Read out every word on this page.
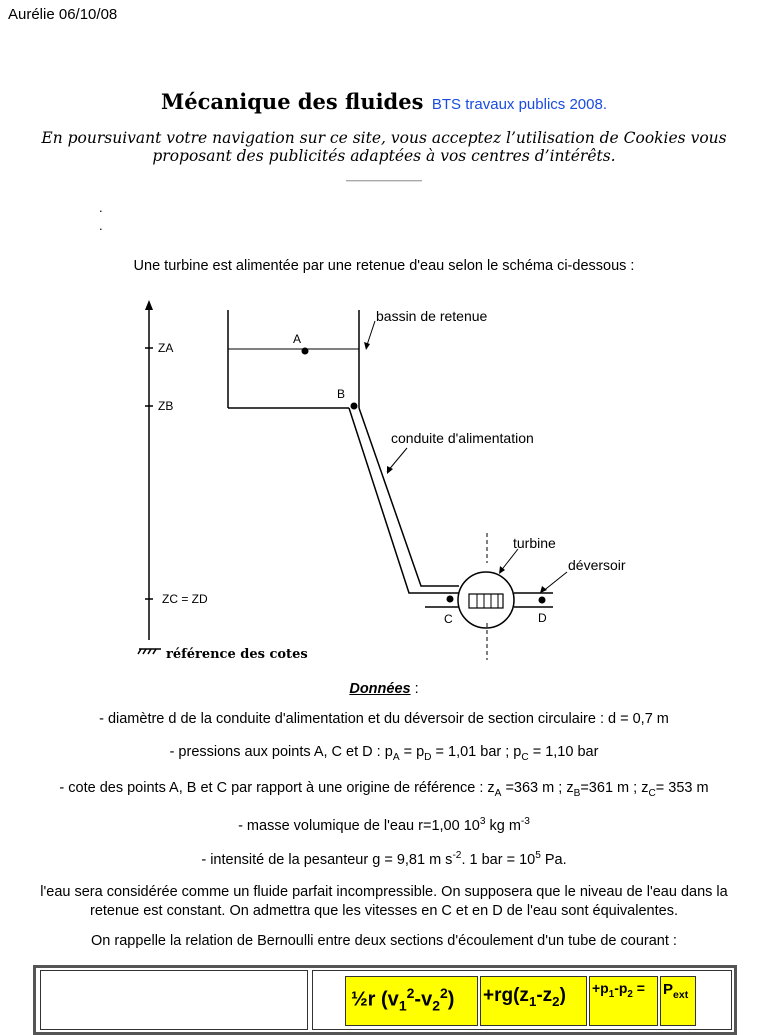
Aurélie 06/10/08
Mécanique des fluides BTS travaux publics 2008.
En poursuivant votre navigation sur ce site, vous acceptez l’utilisation de Cookies vous proposant des publicités adaptées à vos centres d’intérêts.
.
.
Une turbine est alimentée par une retenue d'eau selon le schéma ci-dessous :
ZA
ZB
ZC = ZD
A
B
C	D
bassin de retenue
conduite d'alimentation
turbine
déversoir
référence des cotes
Données :
- diamètre d de la conduite d'alimentation et du déversoir de section circulaire : d = 0,7 m
- pressions aux points A, C et D : $p_A = p_D = 1,01$ bar ; $p_C = 1,10$ bar
- cote des points A, B et C par rapport à une origine de référence : $z_A =363$ m ; $z_B=361$ m ; $z_C= 353$ m
- masse volumique de l'eau r=1,00 $10^3$ kg $m^{-3}$
- intensité de la pesanteur g = 9,81 m $s^{-2}$. 1 bar = $10^5$ Pa.
l'eau sera considérée comme un fluide parfait incompressible. On supposera que le niveau de l'eau dans la retenue est constant. On admettra que les vitesses en C et en D de l'eau sont équivalentes.
On rappelle la relation de Bernoulli entre deux sections d'écoulement d'un tube de courant :
½r $(v_1^2-v_2^2)$	$+rg(z_1-z_2)$	$+p_1-p_2$ =	$P_{ext}$
